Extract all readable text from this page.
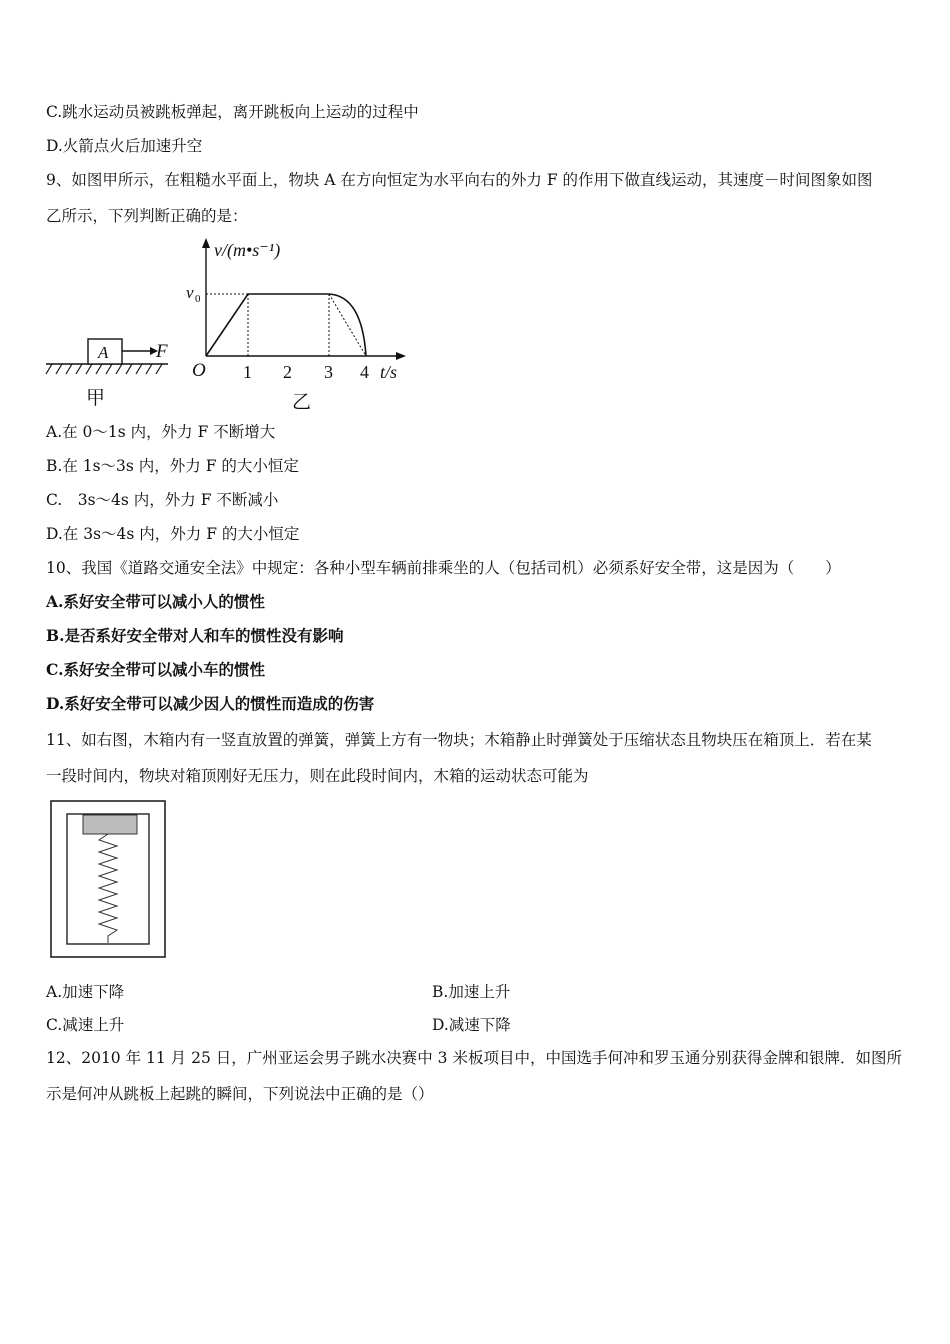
C.跳水运动员被跳板弹起，离开跳板向上运动的过程中
D.火箭点火后加速升空
9、如图甲所示，在粗糙水平面上，物块 A 在方向恒定为水平向右的外力 F 的作用下做直线运动，其速度－时间图象如图
乙所示，下列判断正确的是：
A	F
甲
v/(m•s⁻¹)
v 0
O 1 2 3 4 t/s
乙
A.在 0～1s 内，外力 F 不断增大
B.在 1s～3s 内，外力 F 的大小恒定
C.　3s～4s 内，外力 F 不断减小
D.在 3s～4s 内，外力 F 的大小恒定
10、我国《道路交通安全法》中规定：各种小型车辆前排乘坐的人（包括司机）必须系好安全带，这是因为（　　）
A.系好安全带可以减小人的惯性
B.是否系好安全带对人和车的惯性没有影响
C.系好安全带可以减小车的惯性
D.系好安全带可以减少因人的惯性而造成的伤害
11、如右图，木箱内有一竖直放置的弹簧，弹簧上方有一物块；木箱静止时弹簧处于压缩状态且物块压在箱顶上．若在某
一段时间内，物块对箱顶刚好无压力，则在此段时间内，木箱的运动状态可能为
A.加速下降	B.加速上升
C.减速上升	D.减速下降
12、2010 年 11 月 25 日，广州亚运会男子跳水决赛中 3 米板项目中，中国选手何冲和罗玉通分别获得金牌和银牌．如图所
示是何冲从跳板上起跳的瞬间，下列说法中正确的是（）
